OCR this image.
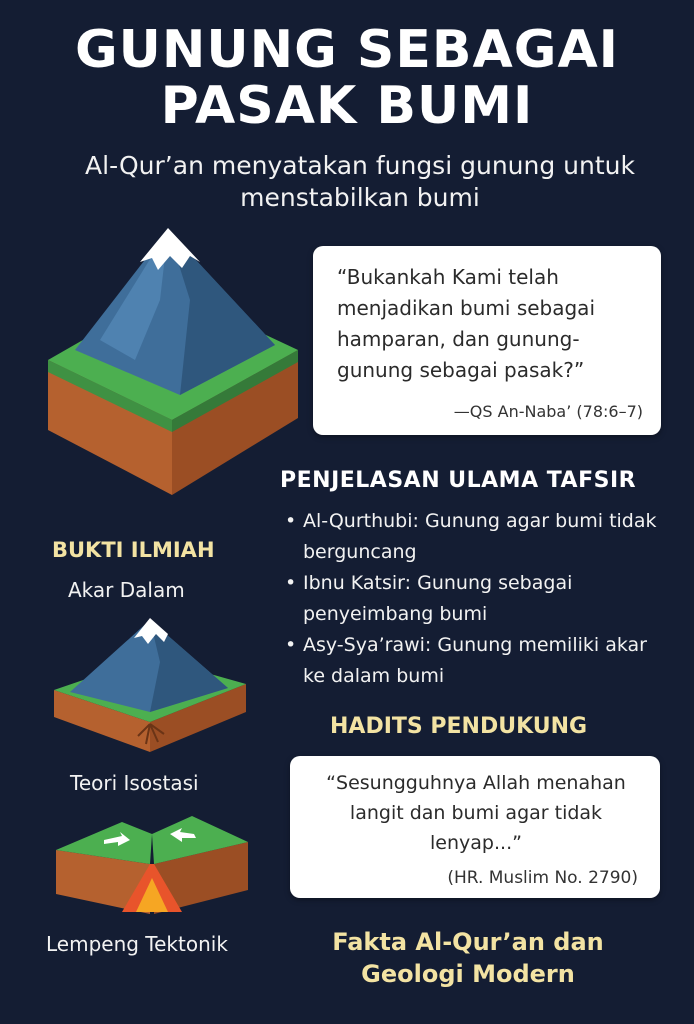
GUNUNG SEBAGAI
PASAK BUMI
Al-Qur’an menyatakan fungsi gunung untuk
menstabilkan bumi
“Bukankah Kami telah menjadikan bumi sebagai hamparan, dan gunung-gunung sebagai pasak?”
—QS An-Naba’ (78:6–7)
PENJELASAN ULAMA TAFSIR
• Al-Qurthubi: Gunung agar bumi tidak berguncang
• Ibnu Katsir: Gunung sebagai penyeimbang bumi
• Asy-Sya’rawi: Gunung memiliki akar ke dalam bumi
BUKTI ILMIAH
Akar Dalam
Teori Isostasi
Lempeng Tektonik
HADITS PENDUKUNG
“Sesungguhnya Allah menahan langit dan bumi agar tidak lenyap...”
(HR. Muslim No. 2790)
Fakta Al-Qur’an dan
Geologi Modern
